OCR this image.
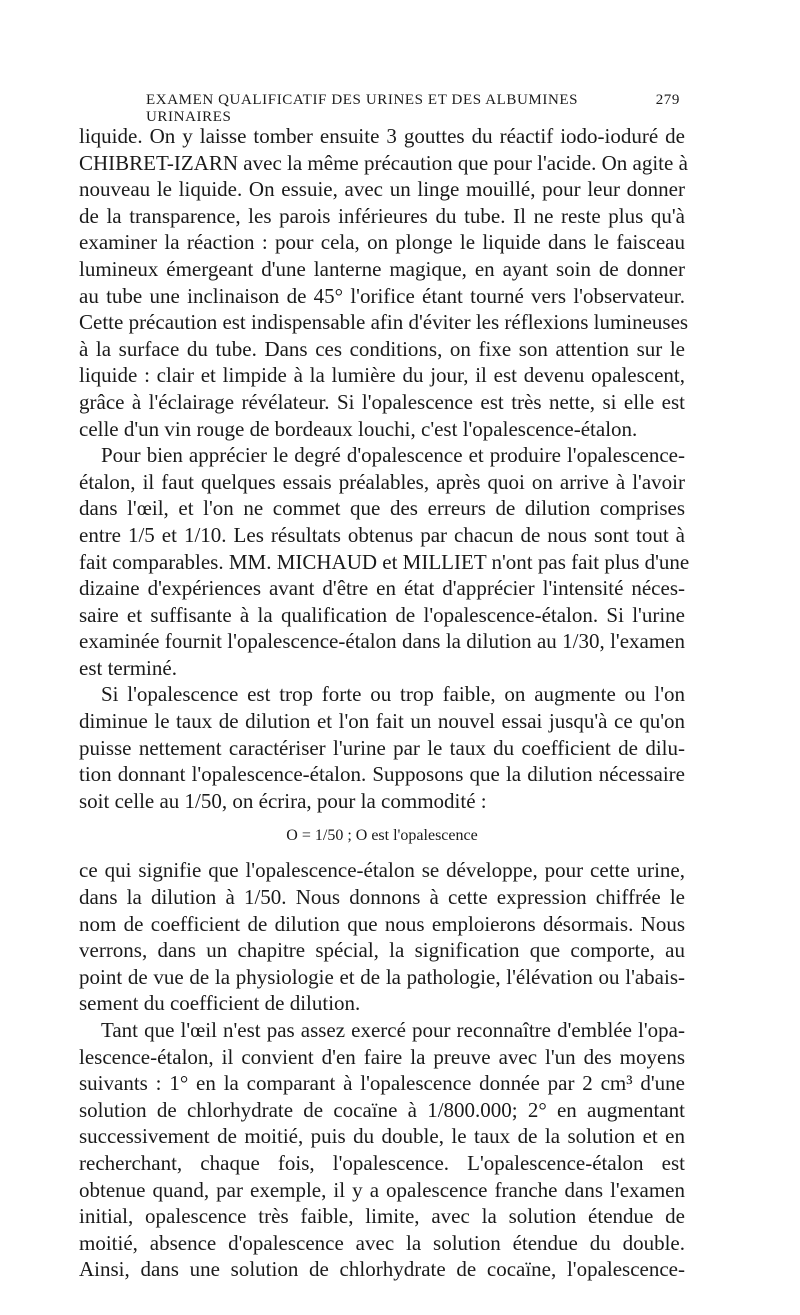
EXAMEN QUALIFICATIF DES URINES ET DES ALBUMINES URINAIRES
279
liquide. On y laisse tomber ensuite 3 gouttes du réactif iodo-ioduré de
CHIBRET-IZARN avec la même précaution que pour l'acide. On agite à
nouveau le liquide. On essuie, avec un linge mouillé, pour leur donner
de la transparence, les parois inférieures du tube. Il ne reste plus qu'à
examiner la réaction : pour cela, on plonge le liquide dans le faisceau
lumineux émergeant d'une lanterne magique, en ayant soin de donner
au tube une inclinaison de 45° l'orifice étant tourné vers l'observateur.
Cette précaution est indispensable afin d'éviter les réflexions lumineuses
à la surface du tube. Dans ces conditions, on fixe son attention sur le
liquide : clair et limpide à la lumière du jour, il est devenu opalescent,
grâce à l'éclairage révélateur. Si l'opalescence est très nette, si elle est
celle d'un vin rouge de bordeaux louchi, c'est l'opalescence-étalon.
Pour bien apprécier le degré d'opalescence et produire l'opalescence-
étalon, il faut quelques essais préalables, après quoi on arrive à l'avoir
dans l'œil, et l'on ne commet que des erreurs de dilution comprises
entre 1/5 et 1/10. Les résultats obtenus par chacun de nous sont tout à
fait comparables. MM. MICHAUD et MILLIET n'ont pas fait plus d'une
dizaine d'expériences avant d'être en état d'apprécier l'intensité néces-
saire et suffisante à la qualification de l'opalescence-étalon. Si l'urine
examinée fournit l'opalescence-étalon dans la dilution au 1/30, l'examen
est terminé.
Si l'opalescence est trop forte ou trop faible, on augmente ou l'on
diminue le taux de dilution et l'on fait un nouvel essai jusqu'à ce qu'on
puisse nettement caractériser l'urine par le taux du coefficient de dilu-
tion donnant l'opalescence-étalon. Supposons que la dilution nécessaire
soit celle au 1/50, on écrira, pour la commodité :
O = 1/50 ; O est l'opalescence
ce qui signifie que l'opalescence-étalon se développe, pour cette urine,
dans la dilution à 1/50. Nous donnons à cette expression chiffrée le
nom de coefficient de dilution que nous emploierons désormais. Nous
verrons, dans un chapitre spécial, la signification que comporte, au
point de vue de la physiologie et de la pathologie, l'élévation ou l'abais-
sement du coefficient de dilution.
Tant que l'œil n'est pas assez exercé pour reconnaître d'emblée l'opa-
lescence-étalon, il convient d'en faire la preuve avec l'un des moyens
suivants : 1° en la comparant à l'opalescence donnée par 2 cm³ d'une
solution de chlorhydrate de cocaïne à 1/800.000; 2° en augmentant
successivement de moitié, puis du double, le taux de la solution et en
recherchant, chaque fois, l'opalescence. L'opalescence-étalon est
obtenue quand, par exemple, il y a opalescence franche dans l'examen
initial, opalescence très faible, limite, avec la solution étendue de
moitié, absence d'opalescence avec la solution étendue du double.
Ainsi, dans une solution de chlorhydrate de cocaïne, l'opalescence-
